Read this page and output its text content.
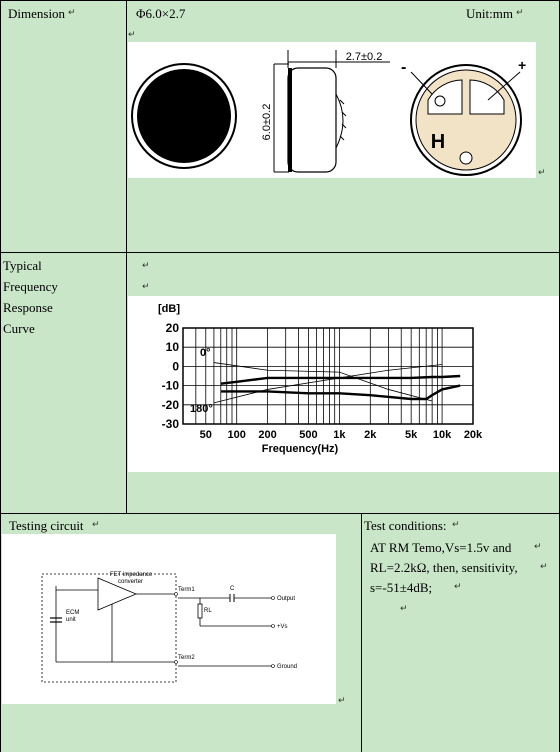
Dimension ↵	Φ6.0×2.7	Unit:mm ↵
↵
6.0±0.2
2.7±0.2
H
-	+
↵
Typical
Frequency
Response
Curve
↵
↵
[dB]
20
10
0
-10
-20
-30
50 100 200 500 1k 2k	5k 10k 20k
0°
180°
Frequency(Hz)
Testing circuit ↵
ECM
unit
FET impedance
converter
Term1
Term2
C
Output
RL
+Vs
Ground
↵
Test conditions: ↵
AT RM Temo,Vs=1.5v and	↵
RL=2.2kΩ, then, sensitivity, ↵
s=-51±4dB; ↵
↵
